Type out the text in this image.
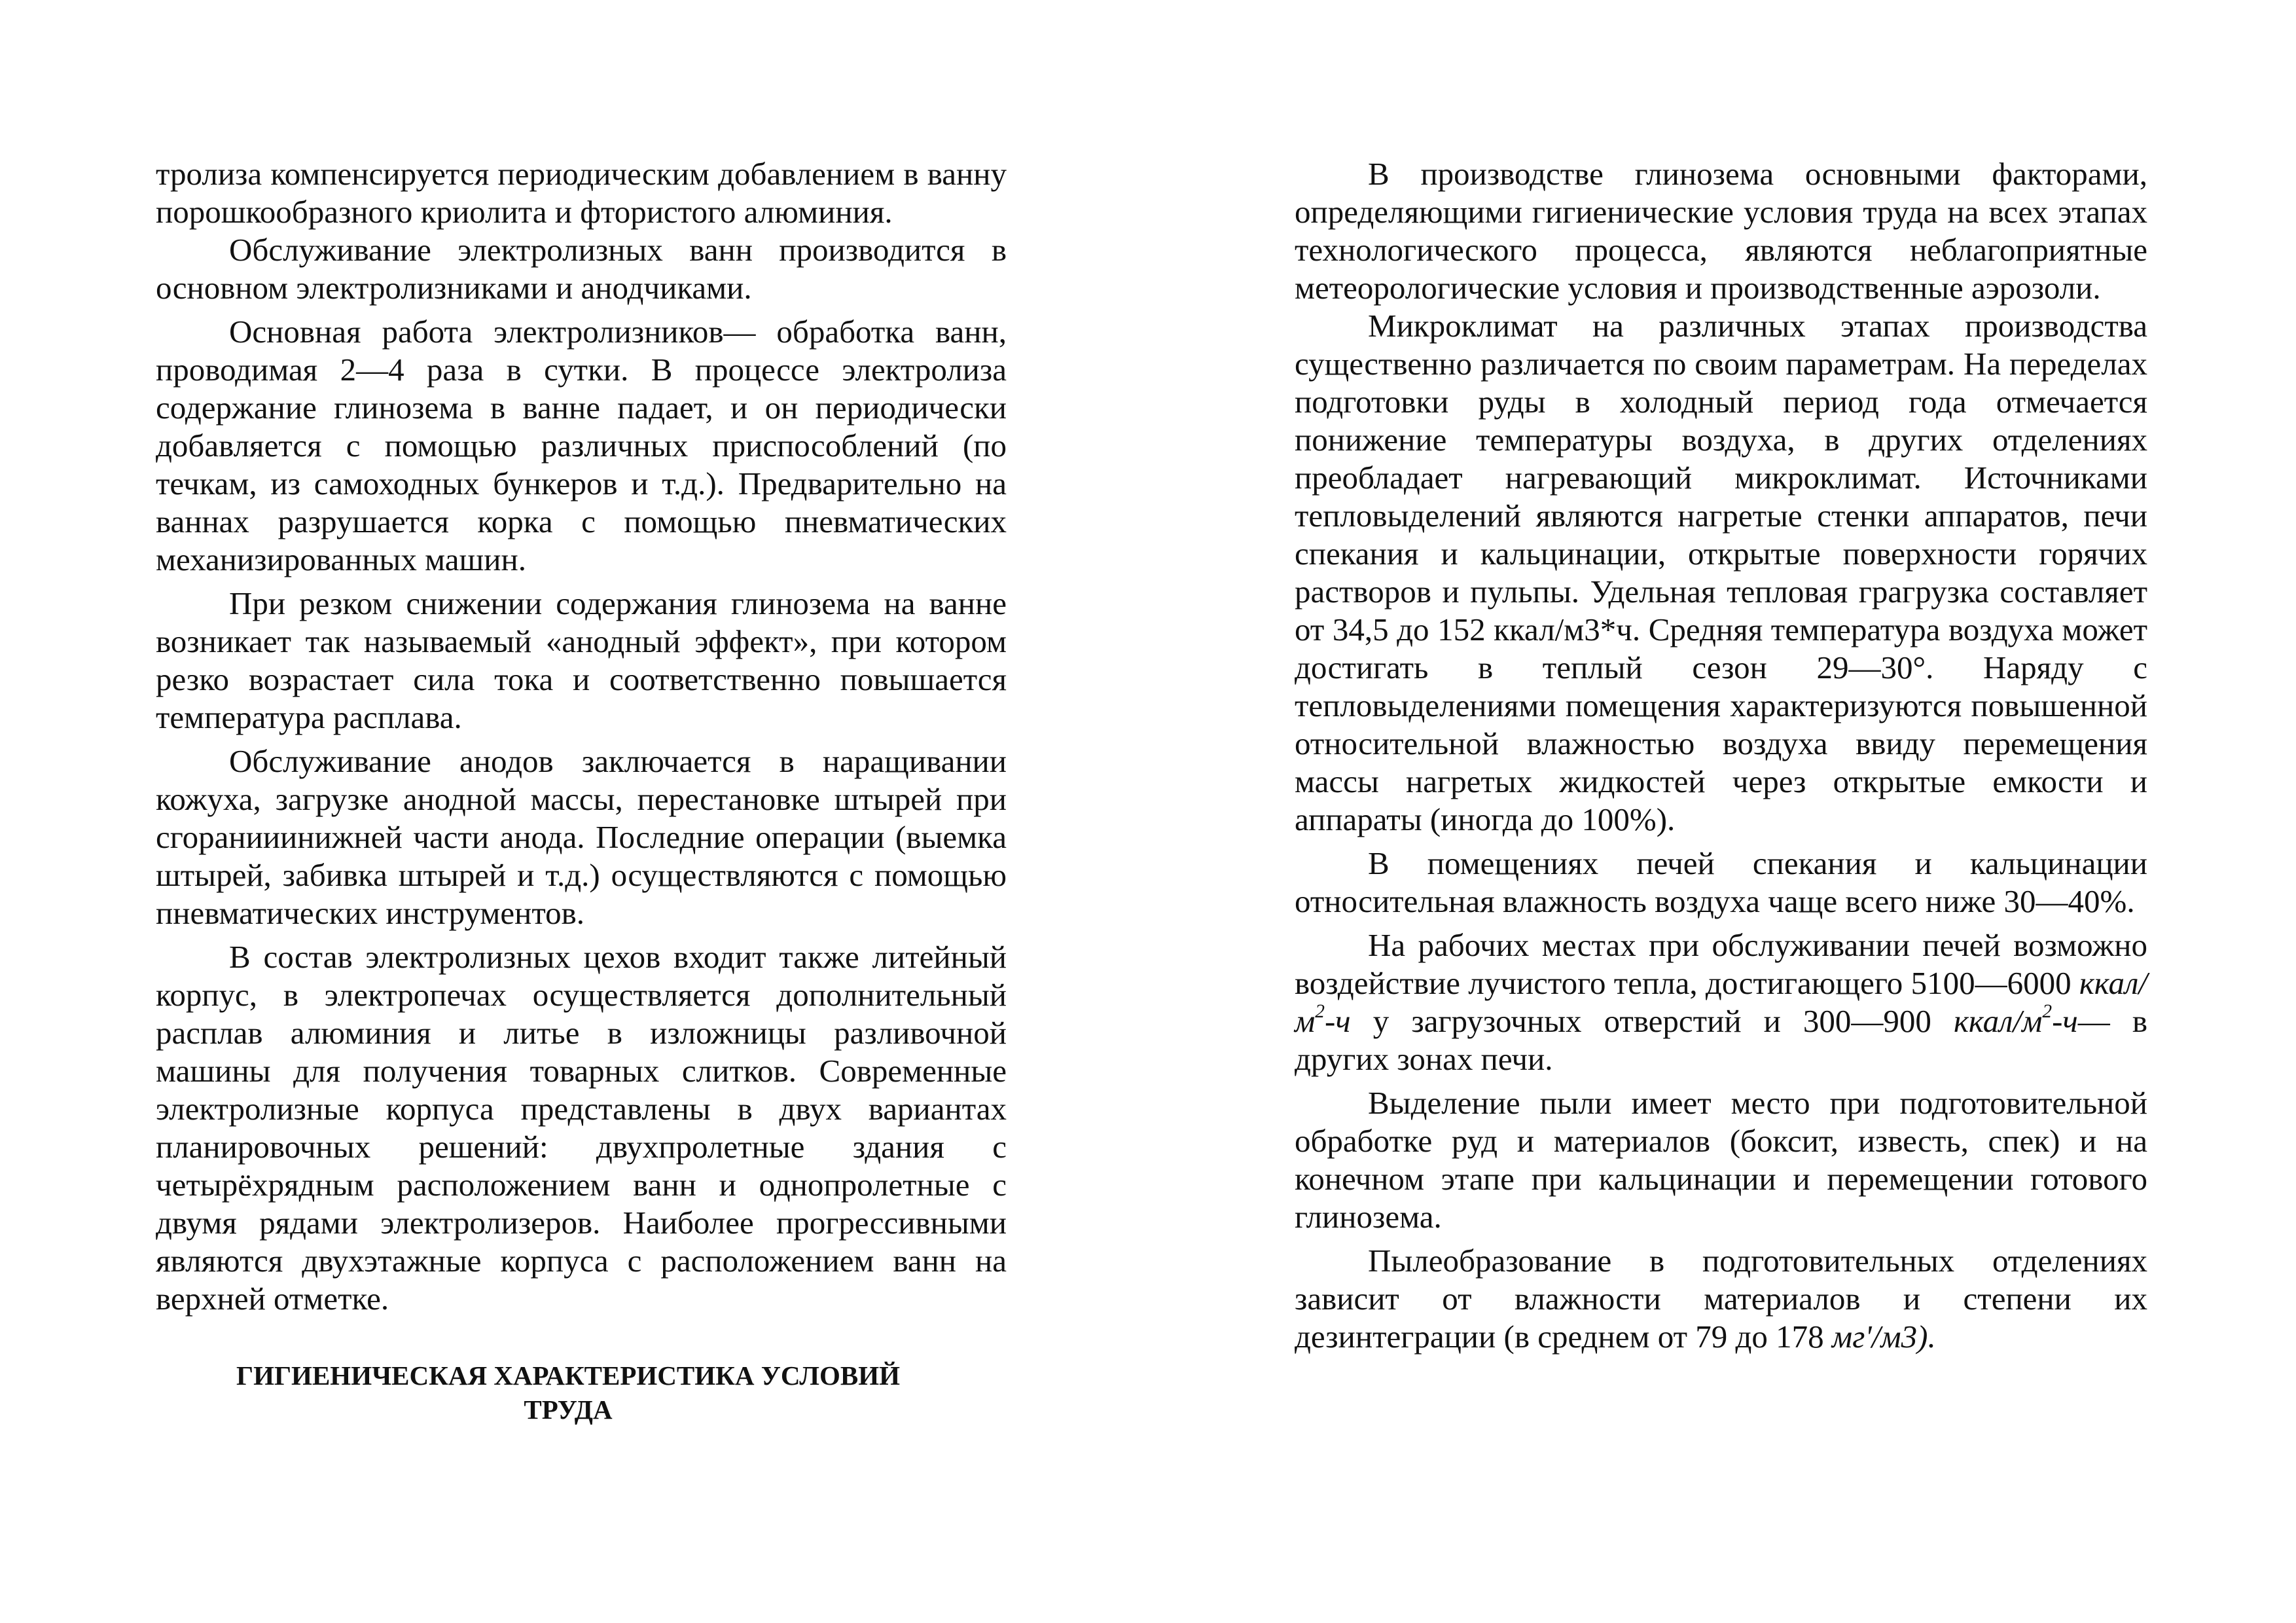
тролиза компенсируется периодическим добавлением в ванну порошкообразного криолита и фтористого алюминия.

Обслуживание электролизных ванн производится в основном электролизниками и анодчиками.

Основная работа электролизников— обработка ванн, проводимая 2—4 раза в сутки. В процессе электролиза содержание глинозема в ванне падает, и он периодически добавляется с помощью различных приспособлений (по течкам, из самоходных бункеров и т.д.). Предварительно на ваннах разрушается корка с помощью пневматических механизированных машин.

При резком снижении содержания глинозема на ванне возникает так называемый «анодный эффект», при котором резко возрастает сила тока и соответственно повышается температура расплава.

Обслуживание анодов заключается в наращивании кожуха, загрузке анодной массы, перестановке штырей при сгоранииинижней части анода. Последние операции (выемка штырей, забивка штырей и т.д.) осуществляются с помощью пневматических инструментов.

В состав электролизных цехов входит также литейный корпус, в электропечах осуществляется дополнительный расплав алюминия и литье в изложницы разливочной машины для получения товарных слитков. Современные электролизные корпуса представлены в двух вариантах планировочных решений: двухпролетные здания с четырёхрядным расположением ванн и однопролетные с двумя рядами электролизеров. Наиболее прогрессивными являются двухэтажные корпуса с расположением ванн на верхней отметке.

ГИГИЕНИЧЕСКАЯ ХАРАКТЕРИСТИКА УСЛОВИЙ
ТРУДА

В производстве глинозема основными факторами, определяющими гигиенические условия труда на всех этапах технологического процесса, являются неблагоприятные метеорологические условия и производственные аэрозоли.

Микроклимат на различных этапах производства существенно различается по своим параметрам. На переделах подготовки руды в холодный период года отмечается понижение температуры воздуха, в других отделениях преобладает нагревающий микроклимат. Источниками тепловыделений являются нагретые стенки аппаратов, печи спекания и кальцинации, открытые поверхности горячих растворов и пульпы. Удельная тепловая грагрузка составляет от 34,5 до 152 ккал/м3*ч. Средняя температура воздуха может достигать в теплый сезон 29—30°. Наряду с тепловыделениями помещения характеризуются повышенной относительной влажностью воздуха ввиду перемещения массы нагретых жидкостей через открытые емкости и аппараты (иногда до 100%).

В помещениях печей спекания и кальцинации относительная влажность воздуха чаще всего ниже 30—40%.

На рабочих местах при обслуживании печей возможно воздействие лучистого тепла, достигающего 5100—6000 ккал/$м^2-ч$ у загрузочных отверстий и 300—900 ккал/$м^2-ч—$ в других зонах печи.

Выделение пыли имеет место при подготовительной обработке руд и материалов (боксит, известь, спек) и на конечном этапе при кальцинации и перемещении готового глинозема.

Пылеобразование в подготовительных отделениях зависит от влажности материалов и степени их дезинтеграции (в среднем от 79 до 178 мг'/м3).
